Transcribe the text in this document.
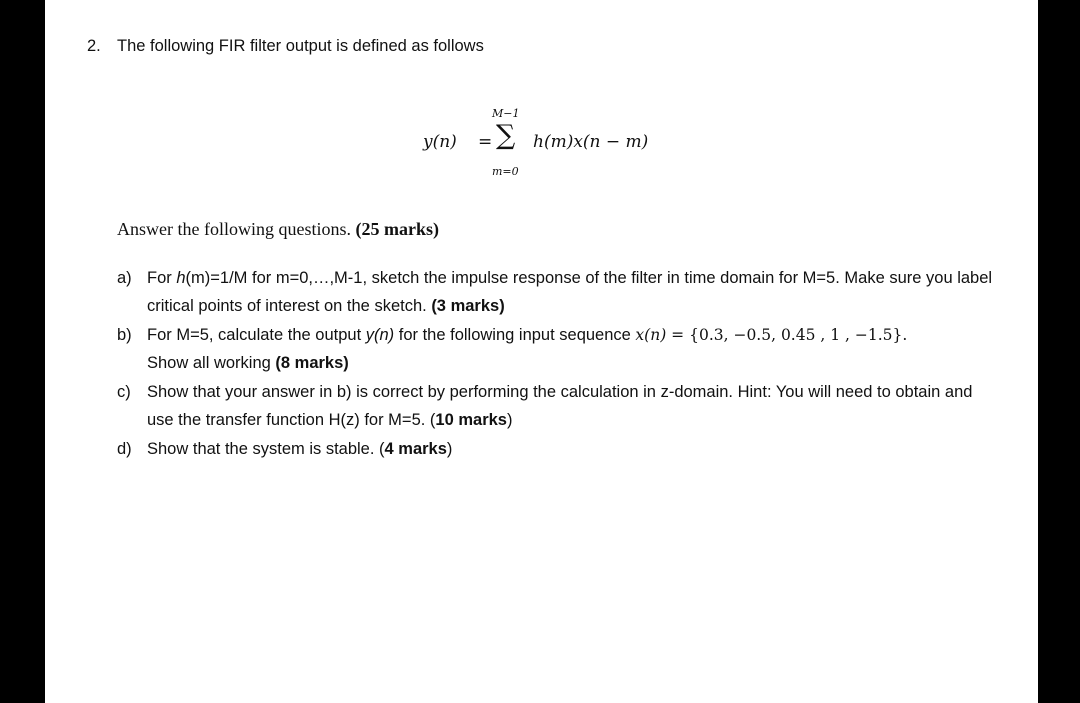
2. The following FIR filter output is defined as follows
y(n) =
M−1
∑
m=0
h(m)x(n − m)
Answer the following questions. (25 marks)
a) For h(m)=1/M for m=0,…,M-1, sketch the impulse response of the filter in time domain for M=5. Make sure you label critical points of interest on the sketch. (3 marks)
b) For M=5, calculate the output y(n) for the following input sequence x(n) = {0.3, −0.5, 0.45 , 1 , −1.5}.
Show all working (8 marks)
c) Show that your answer in b) is correct by performing the calculation in z-domain. Hint: You will need to obtain and use the transfer function H(z) for M=5. (10 marks)
d) Show that the system is stable. (4 marks)
